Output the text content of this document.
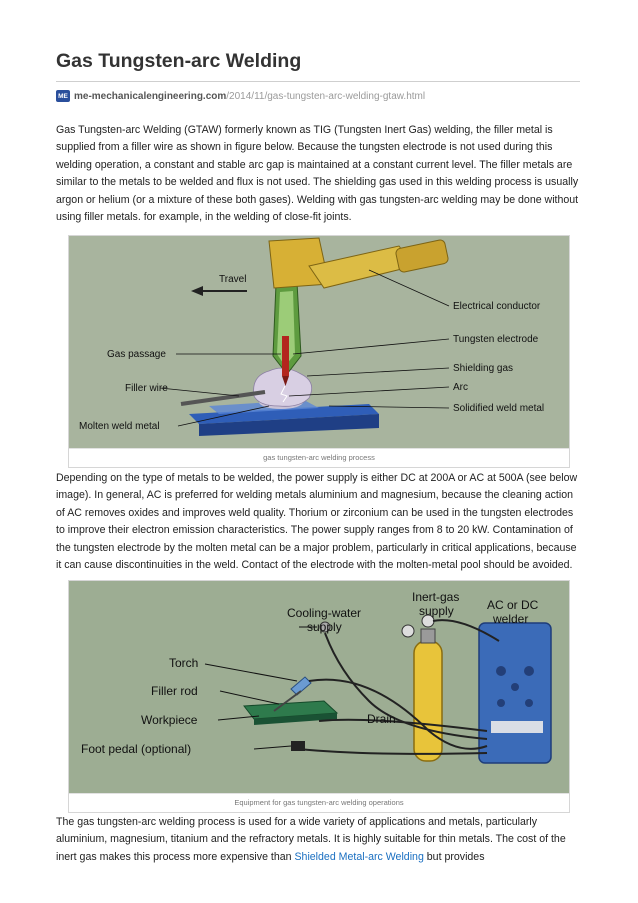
Gas Tungsten-arc Welding
ME me-mechanicalengineering.com /2014/11/gas-tungsten-arc-welding-gtaw.html

Gas Tungsten-arc Welding (GTAW) formerly known as TIG (Tungsten Inert Gas) welding, the filler metal is supplied from a filler wire as shown in figure below. Because the tungsten electrode is not used during this welding operation, a constant and stable arc gap is maintained at a constant current level. The filler metals are similar to the metals to be welded and flux is not used. The shielding gas used in this welding process is usually argon or helium (or a mixture of these both gases). Welding with gas tungsten-arc welding may be done without using filler metals. for example, in the welding of close-fit joints.

Travel
Gas passage
Filler wire
Molten weld metal
Electrical conductor
Tungsten electrode
Shielding gas
Arc
Solidified weld metal
gas tungsten-arc welding process

Depending on the type of metals to be welded, the power supply is either DC at 200A or AC at 500A (see below image). In general, AC is preferred for welding metals aluminium and magnesium, because the cleaning action of AC removes oxides and improves weld quality. Thorium or zirconium can be used in the tungsten electrodes to improve their electron emission characteristics. The power supply ranges from 8 to 20 kW. Contamination of the tungsten electrode by the molten metal can be a major problem, particularly in critical applications, because it can cause discontinuities in the weld. Contact of the electrode with the molten-metal pool should be avoided.

Cooling-water
supply
Inert-gas
supply	AC or DC
welder
Torch
Filler rod
Workpiece
Foot pedal (optional)
Drain
Equipment for gas tungsten-arc welding operations

The gas tungsten-arc welding process is used for a wide variety of applications and metals, particularly aluminium, magnesium, titanium and the refractory metals. It is highly suitable for thin metals. The cost of the inert gas makes this process more expensive than Shielded Metal-arc Welding but provides
